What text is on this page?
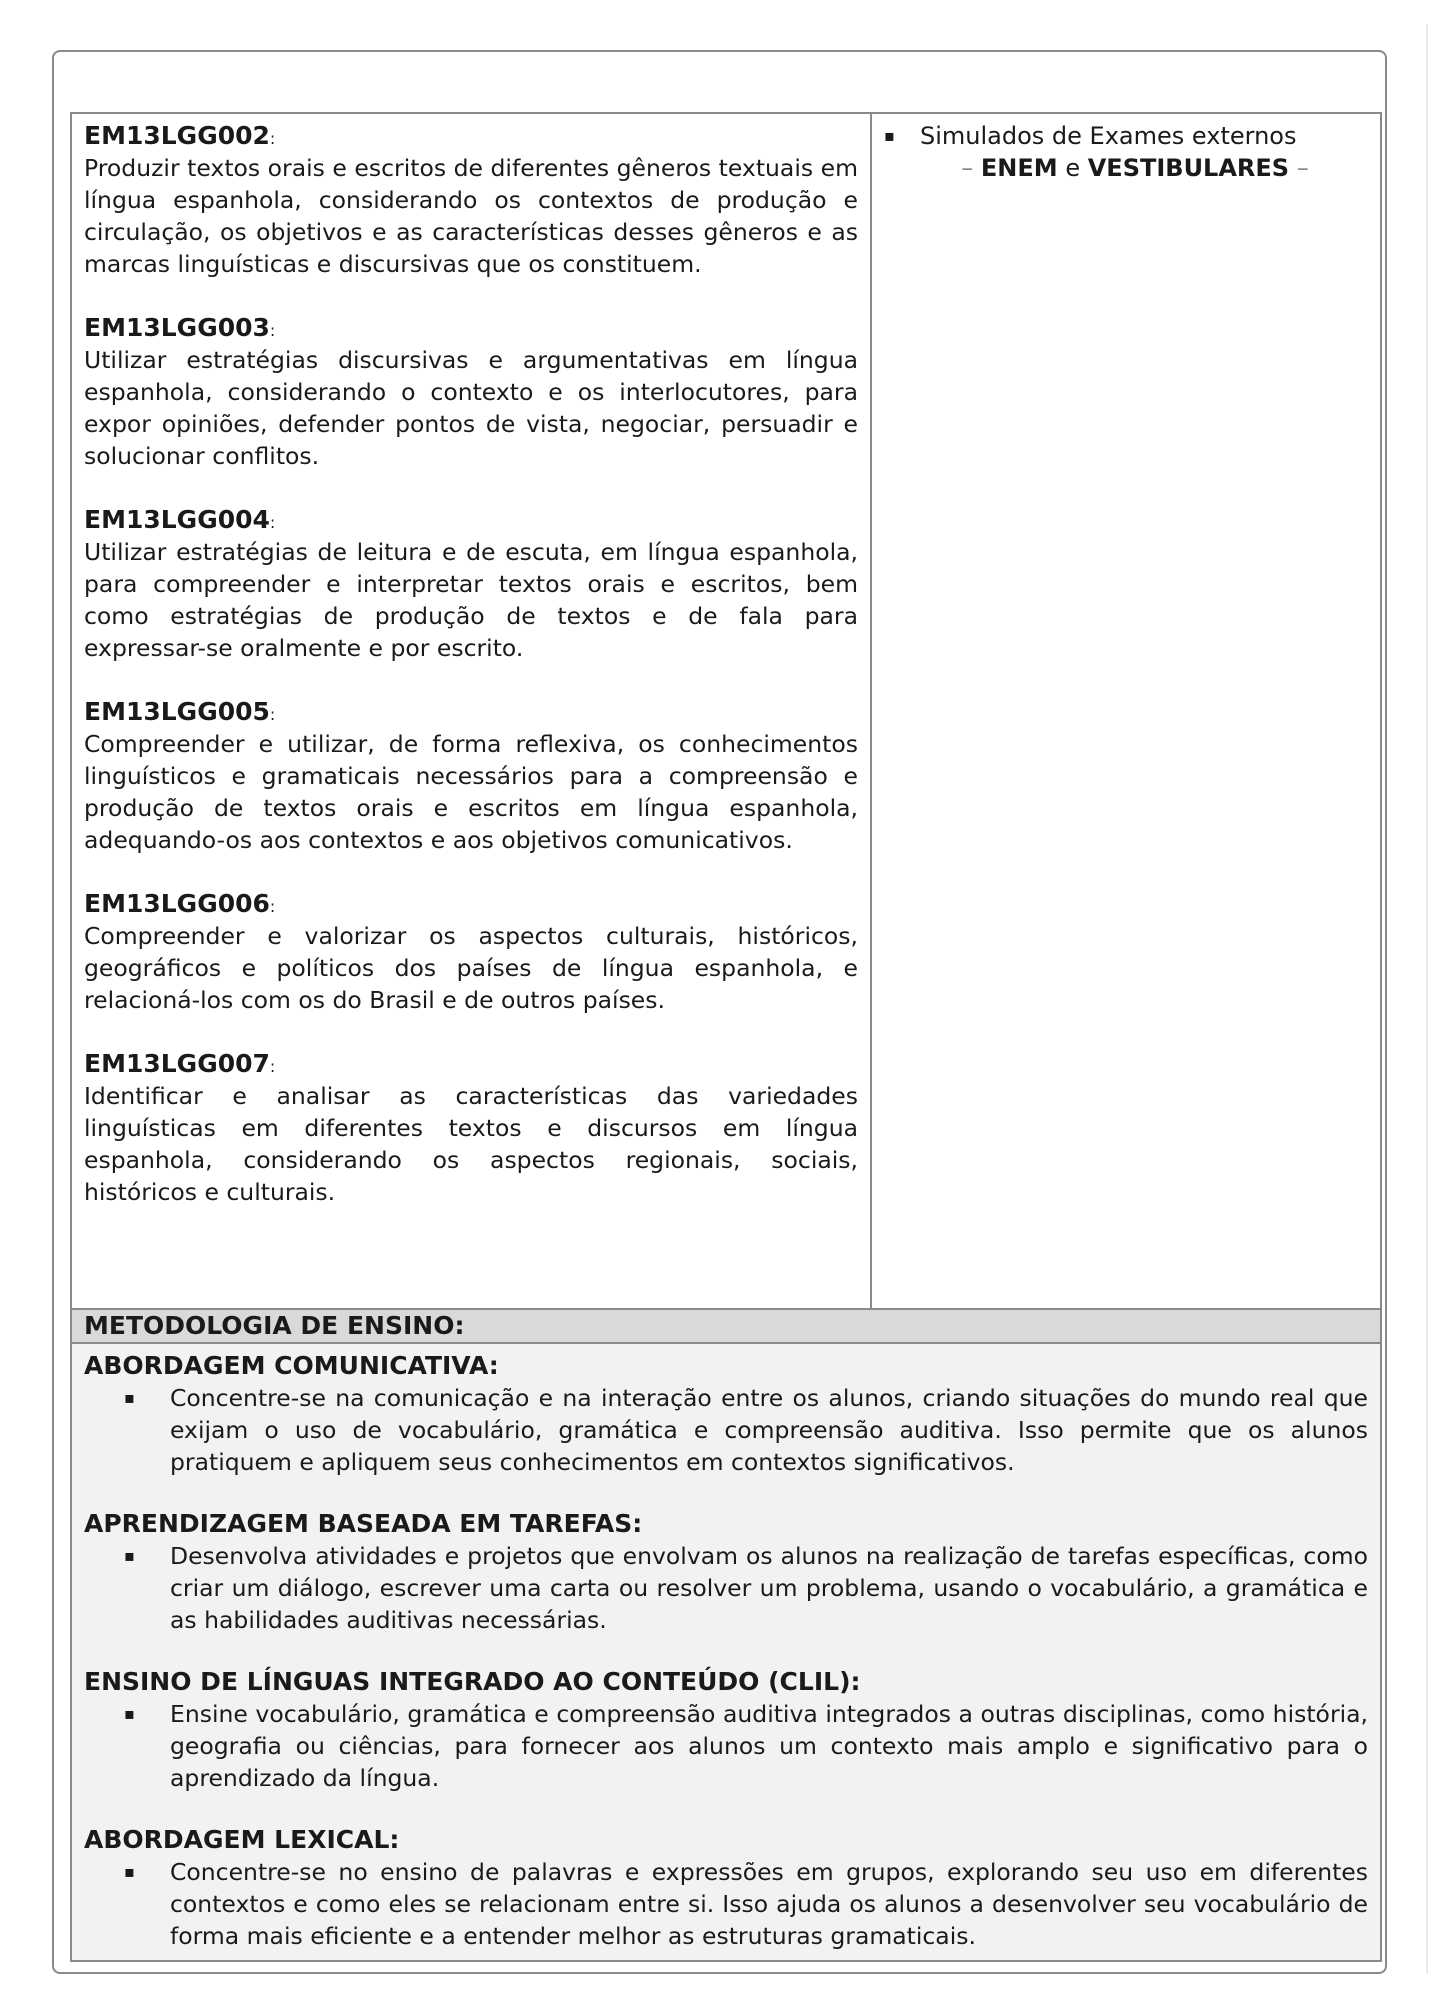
EM13LGG002:
Produzir textos orais e escritos de diferentes gêneros textuais em língua espanhola, considerando os contextos de produção e circulação, os objetivos e as características desses gêneros e as marcas linguísticas e discursivas que os constituem.
EM13LGG003:
Utilizar estratégias discursivas e argumentativas em língua espanhola, considerando o contexto e os interlocutores, para expor opiniões, defender pontos de vista, negociar, persuadir e solucionar conflitos.
EM13LGG004:
Utilizar estratégias de leitura e de escuta, em língua espanhola, para compreender e interpretar textos orais e escritos, bem como estratégias de produção de textos e de fala para expressar-se oralmente e por escrito.
EM13LGG005:
Compreender e utilizar, de forma reflexiva, os conhecimentos linguísticos e gramaticais necessários para a compreensão e produção de textos orais e escritos em língua espanhola, adequando-os aos contextos e aos objetivos comunicativos.
EM13LGG006:
Compreender e valorizar os aspectos culturais, históricos, geográficos e políticos dos países de língua espanhola, e relacioná-los com os do Brasil e de outros países.
EM13LGG007:
Identificar e analisar as características das variedades linguísticas em diferentes textos e discursos em língua espanhola, considerando os aspectos regionais, sociais, históricos e culturais.

▪	Simulados de Exames externos
– ENEM e VESTIBULARES –

METODOLOGIA DE ENSINO:

ABORDAGEM COMUNICATIVA:
▪	Concentre-se na comunicação e na interação entre os alunos, criando situações do mundo real que exijam o uso de vocabulário, gramática e compreensão auditiva. Isso permite que os alunos pratiquem e apliquem seus conhecimentos em contextos significativos.
APRENDIZAGEM BASEADA EM TAREFAS:
▪	Desenvolva atividades e projetos que envolvam os alunos na realização de tarefas específicas, como criar um diálogo, escrever uma carta ou resolver um problema, usando o vocabulário, a gramática e as habilidades auditivas necessárias.
ENSINO DE LÍNGUAS INTEGRADO AO CONTEÚDO (CLIL):
▪	Ensine vocabulário, gramática e compreensão auditiva integrados a outras disciplinas, como história, geografia ou ciências, para fornecer aos alunos um contexto mais amplo e significativo para o aprendizado da língua.
ABORDAGEM LEXICAL:
▪	Concentre-se no ensino de palavras e expressões em grupos, explorando seu uso em diferentes contextos e como eles se relacionam entre si. Isso ajuda os alunos a desenvolver seu vocabulário de forma mais eficiente e a entender melhor as estruturas gramaticais.
